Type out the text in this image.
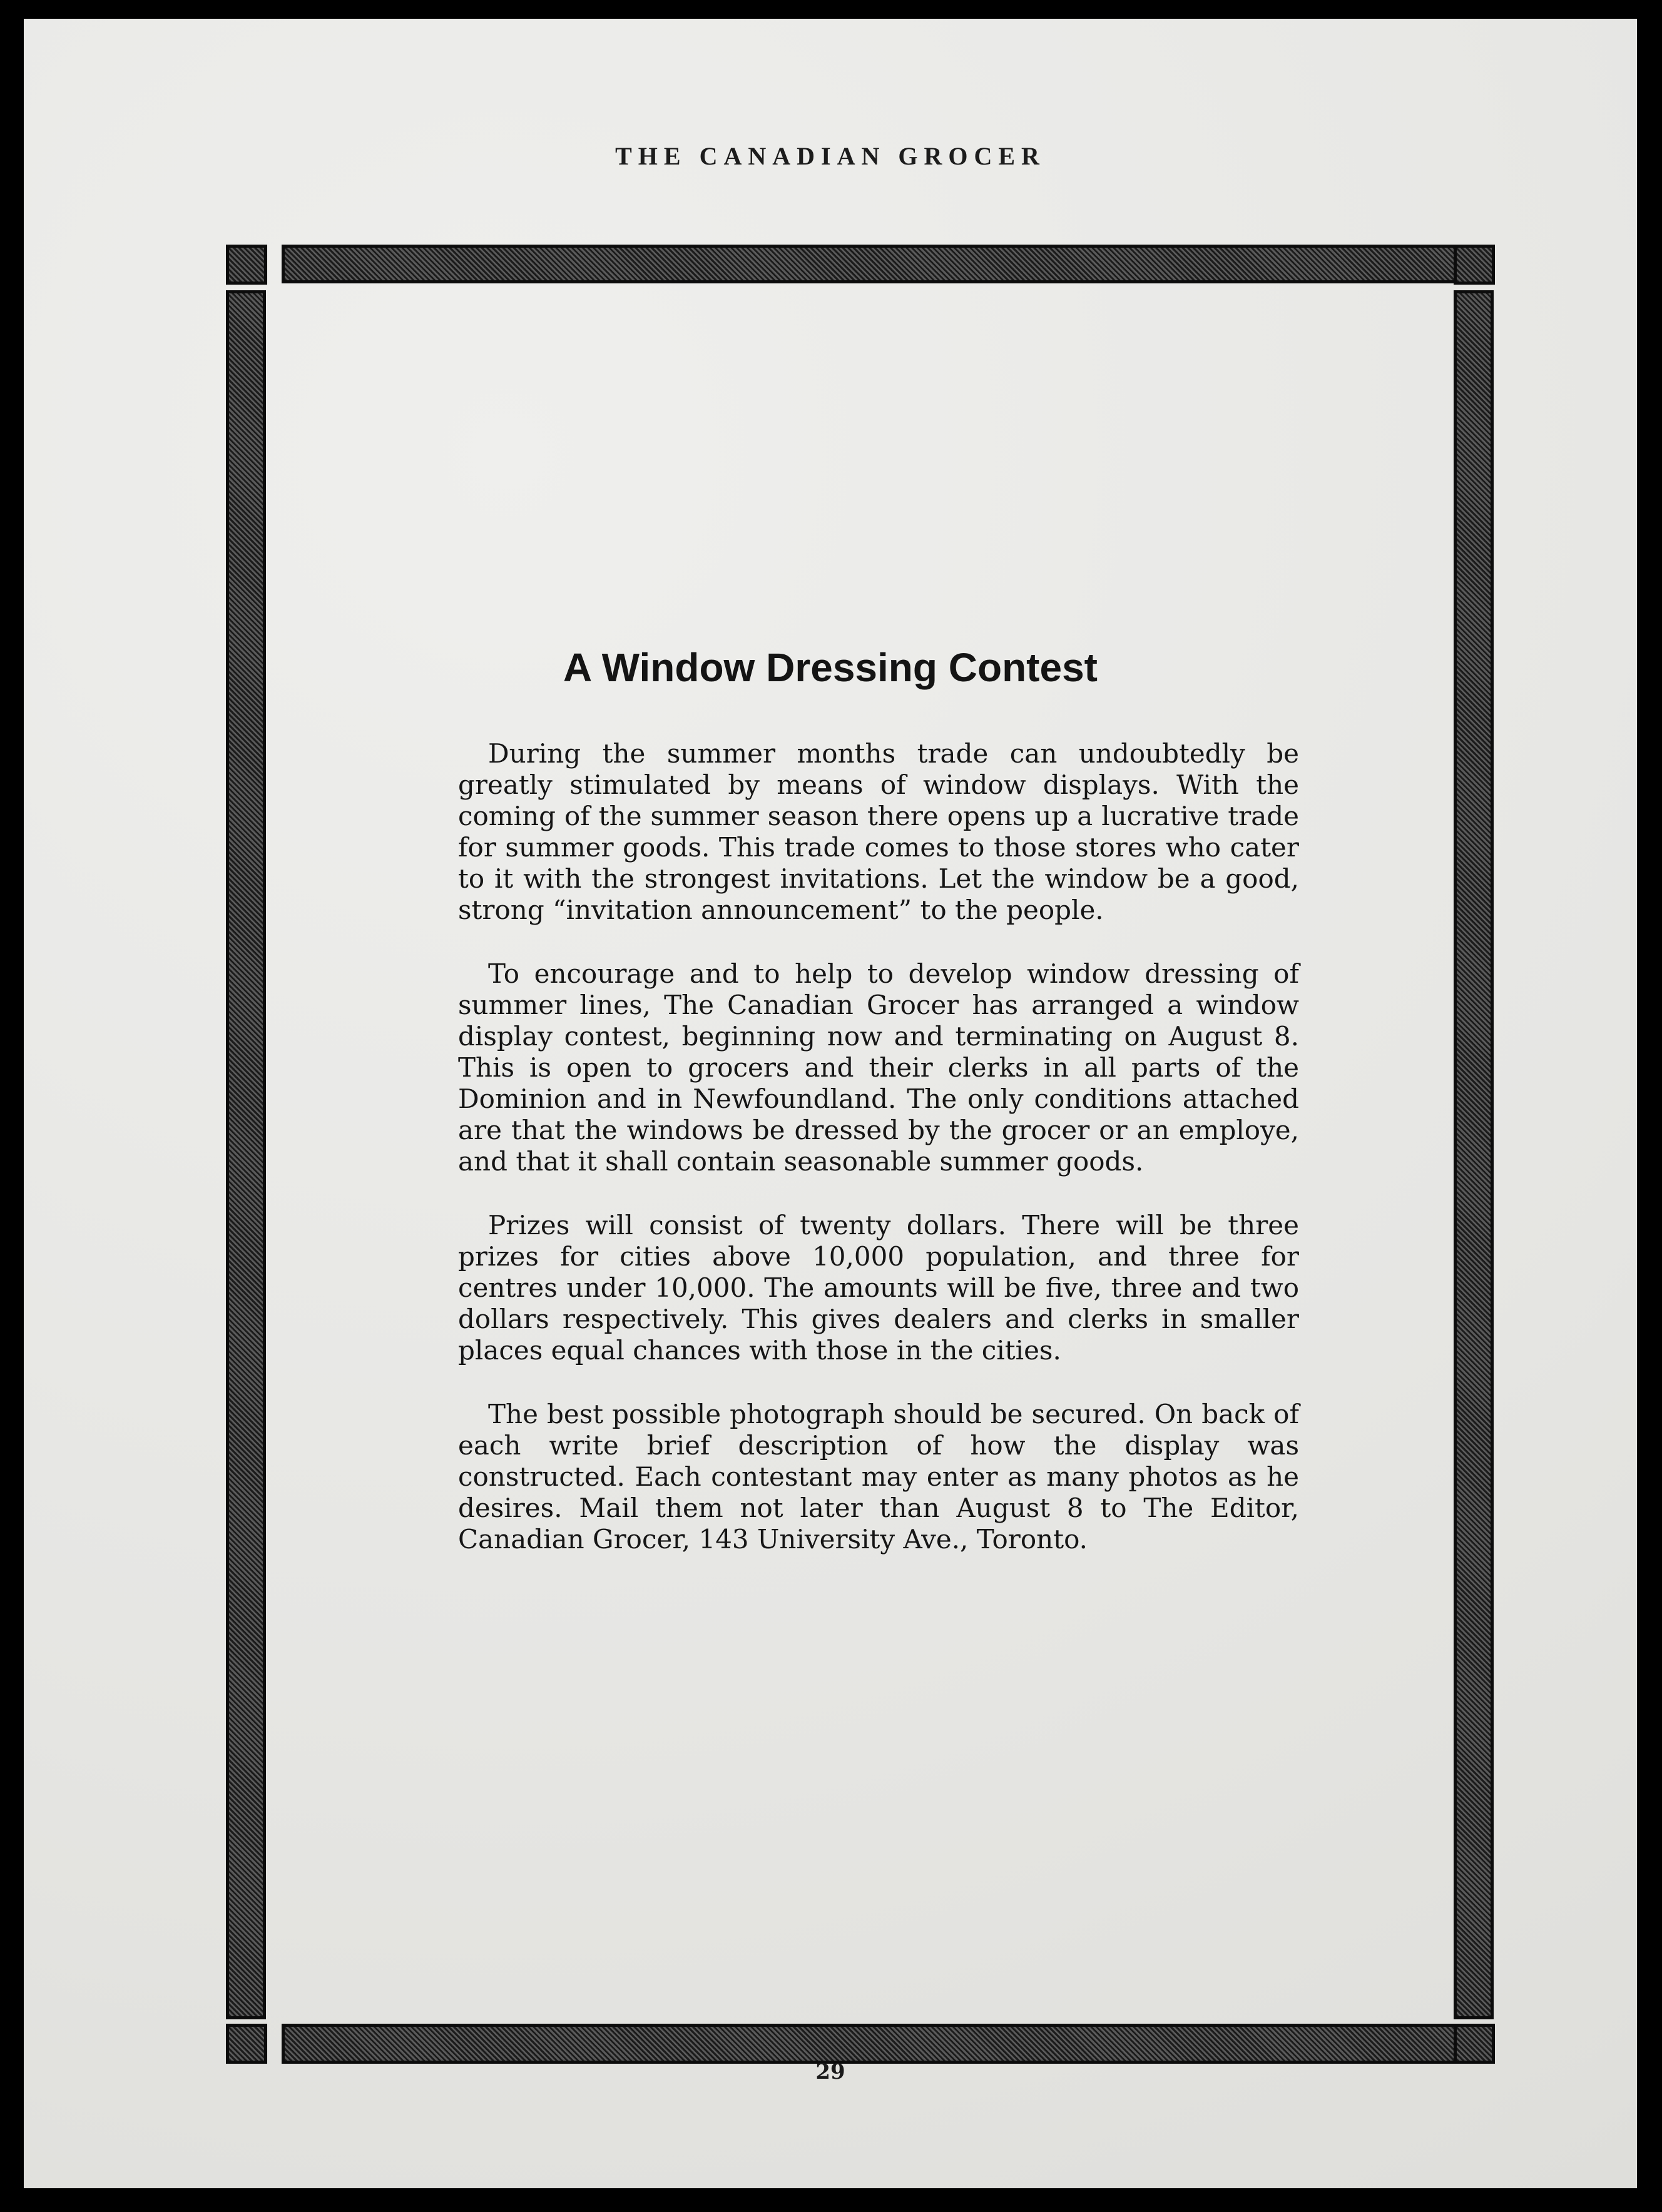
THE CANADIAN GROCER
A Window Dressing Contest

During the summer months trade can undoubtedly be greatly stimulated by means of window displays. With the coming of the summer season there opens up a lucrative trade for summer goods. This trade comes to those stores who cater to it with the strongest invitations. Let the window be a good, strong “invitation announcement” to the people.

To encourage and to help to develop window dressing of summer lines, The Canadian Grocer has arranged a window display contest, beginning now and terminating on August 8. This is open to grocers and their clerks in all parts of the Dominion and in Newfoundland. The only conditions attached are that the windows be dressed by the grocer or an employe, and that it shall contain seasonable summer goods.

Prizes will consist of twenty dollars. There will be three prizes for cities above 10,000 population, and three for centres under 10,000. The amounts will be five, three and two dollars respectively. This gives dealers and clerks in smaller places equal chances with those in the cities.

The best possible photograph should be secured. On back of each write brief description of how the display was constructed. Each contestant may enter as many photos as he desires. Mail them not later than August 8 to The Editor, Canadian Grocer, 143 University Ave., Toronto.

29
